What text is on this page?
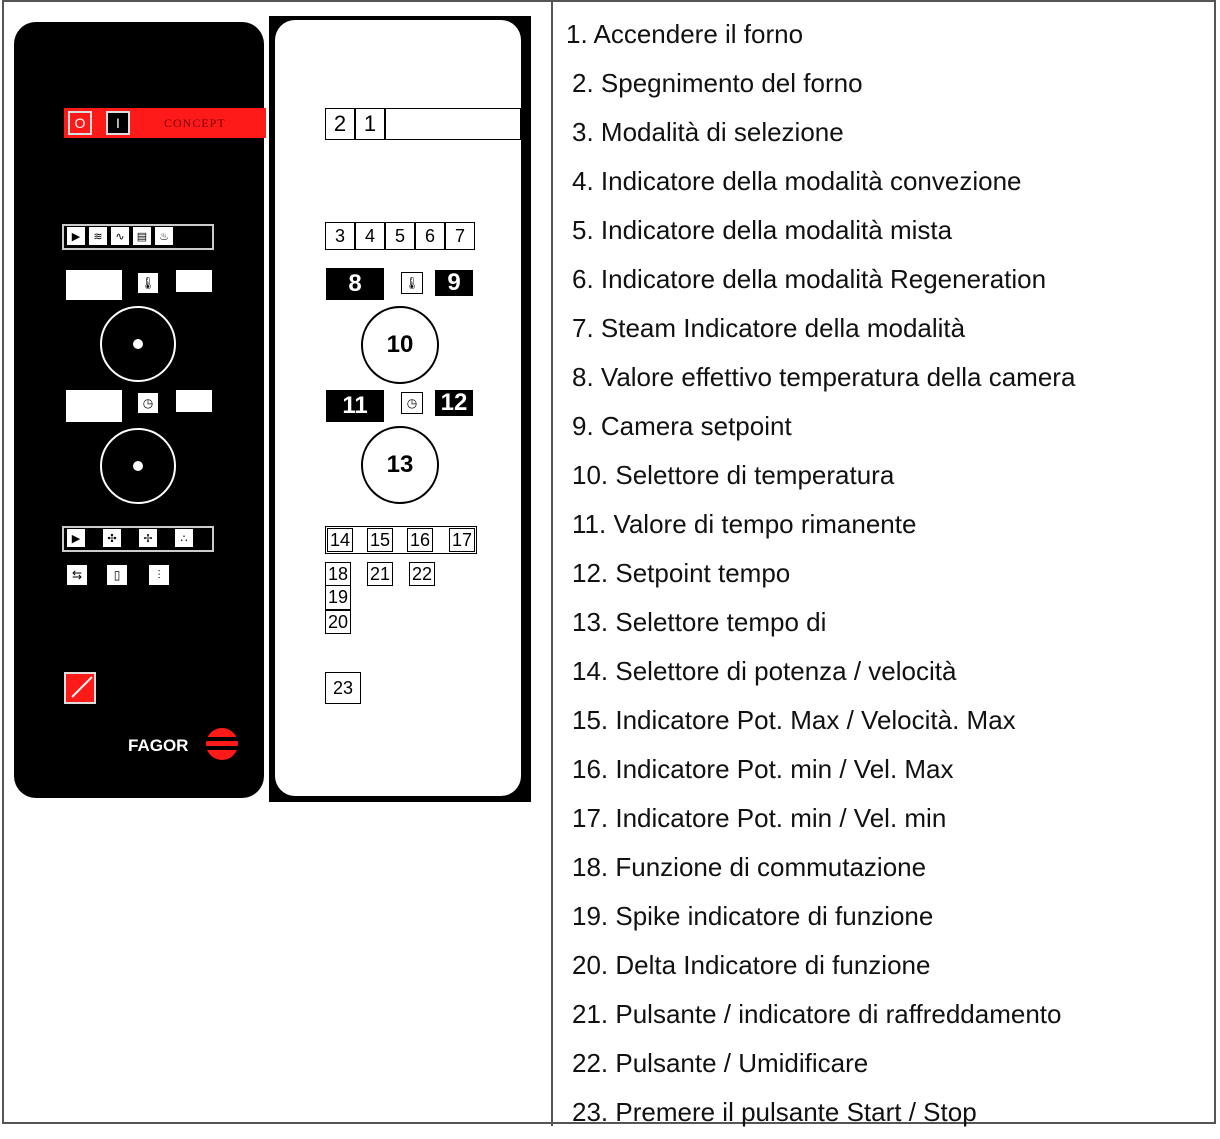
O I	CONCEPT
▶	≋	∿	▤	♨
🌡
◷
▶	✣	✢	∴
⇆	▯	⫶
FAGOR
2 1
3	4	5	6	7
8	🌡	9
10
11	◷ 12
13
14 15 16 17
18 21 22
19
20
23
1. Accendere il forno
2. Spegnimento del forno
3. Modalità di selezione
4. Indicatore della modalità convezione
5. Indicatore della modalità mista
6. Indicatore della modalità Regeneration
7. Steam Indicatore della modalità
8. Valore effettivo temperatura della camera
9. Camera setpoint
10. Selettore di temperatura
11. Valore di tempo rimanente
12. Setpoint tempo
13. Selettore tempo di
14. Selettore di potenza / velocità
15. Indicatore Pot. Max / Velocità. Max
16. Indicatore Pot. min / Vel. Max
17. Indicatore Pot. min / Vel. min
18. Funzione di commutazione
19. Spike indicatore di funzione
20. Delta Indicatore di funzione
21. Pulsante / indicatore di raffreddamento
22. Pulsante / Umidificare
23. Premere il pulsante Start / Stop
